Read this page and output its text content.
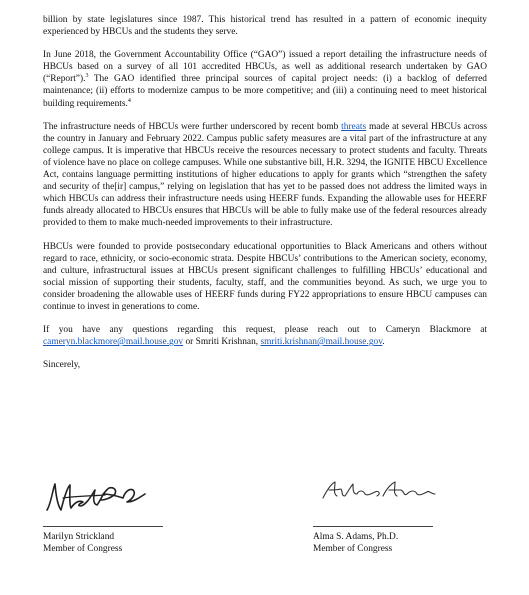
billion by state legislatures since 1987. This historical trend has resulted in a pattern of economic inequity experienced by HBCUs and the students they serve.

In June 2018, the Government Accountability Office (“GAO”) issued a report detailing the infrastructure needs of HBCUs based on a survey of all 101 accredited HBCUs, as well as additional research undertaken by GAO (“Report”).$^3$ The GAO identified three principal sources of capital project needs: (i) a backlog of deferred maintenance; (ii) efforts to modernize campus to be more competitive; and (iii) a continuing need to meet historical building requirements.$^4$

The infrastructure needs of HBCUs were further underscored by recent bomb threats made at several HBCUs across the country in January and February 2022. Campus public safety measures are a vital part of the infrastructure at any college campus. It is imperative that HBCUs receive the resources necessary to protect students and faculty. Threats of violence have no place on college campuses. While one substantive bill, H.R. 3294, the IGNITE HBCU Excellence Act, contains language permitting institutions of higher educations to apply for grants which “strengthen the safety and security of the[ir] campus,” relying on legislation that has yet to be passed does not address the limited ways in which HBCUs can address their infrastructure needs using HEERF funds. Expanding the allowable uses for HEERF funds already allocated to HBCUs ensures that HBCUs will be able to fully make use of the federal resources already provided to them to make much-needed improvements to their infrastructure.

HBCUs were founded to provide postsecondary educational opportunities to Black Americans and others without regard to race, ethnicity, or socio-economic strata. Despite HBCUs’ contributions to the American society, economy, and culture, infrastructural issues at HBCUs present significant challenges to fulfilling HBCUs’ educational and social mission of supporting their students, faculty, staff, and the communities beyond. As such, we urge you to consider broadening the allowable uses of HEERF funds during FY22 appropriations to ensure HBCU campuses can continue to invest in generations to come.

If you have any questions regarding this request, please reach out to Cameryn Blackmore at cameryn.blackmore@mail.house.gov or Smriti Krishnan, smriti.krishnan@mail.house.gov.

Sincerely,

Marilyn Strickland
Member of Congress
Alma S. Adams, Ph.D.
Member of Congress
